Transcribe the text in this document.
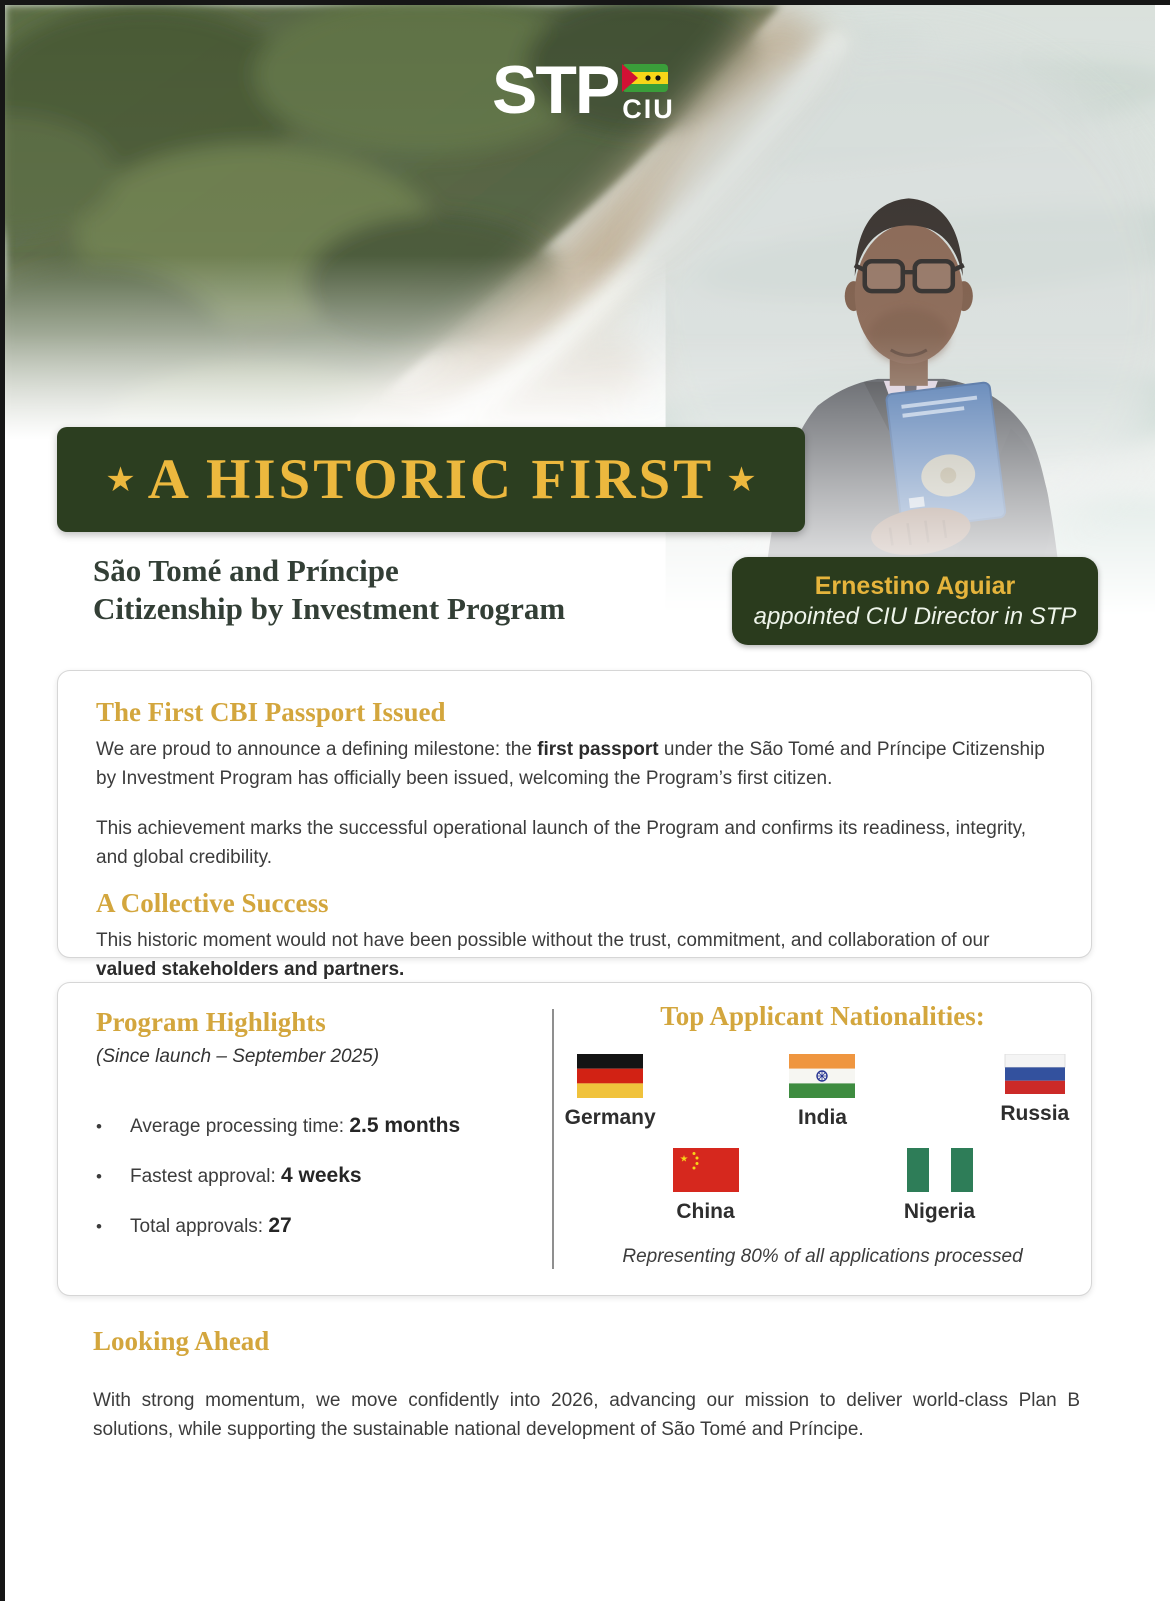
STP CIU
★ A HISTORIC FIRST ★
São Tomé and Príncipe
Citizenship by Investment Program
Ernestino Aguiar
appointed CIU Director in STP
The First CBI Passport Issued

We are proud to announce a defining milestone: the first passport under the São Tomé and Príncipe Citizenship by Investment Program has officially been issued, welcoming the Program’s first citizen.

This achievement marks the successful operational launch of the Program and confirms its readiness, integrity, and global credibility.

A Collective Success

This historic moment would not have been possible without the trust, commitment, and collaboration of our valued stakeholders and partners.

Program Highlights
(Since launch – September 2025)
•	Average processing time: 2.5 months
•	Fastest approval: 4 weeks
•	Total approvals: 27
Top Applicant Nationalities:
Germany	India	Russia
China	Nigeria
Representing 80% of all applications processed
Looking Ahead

With strong momentum, we move confidently into 2026, advancing our mission to deliver world-class Plan B solutions, while supporting the sustainable national development of São Tomé and Príncipe.
